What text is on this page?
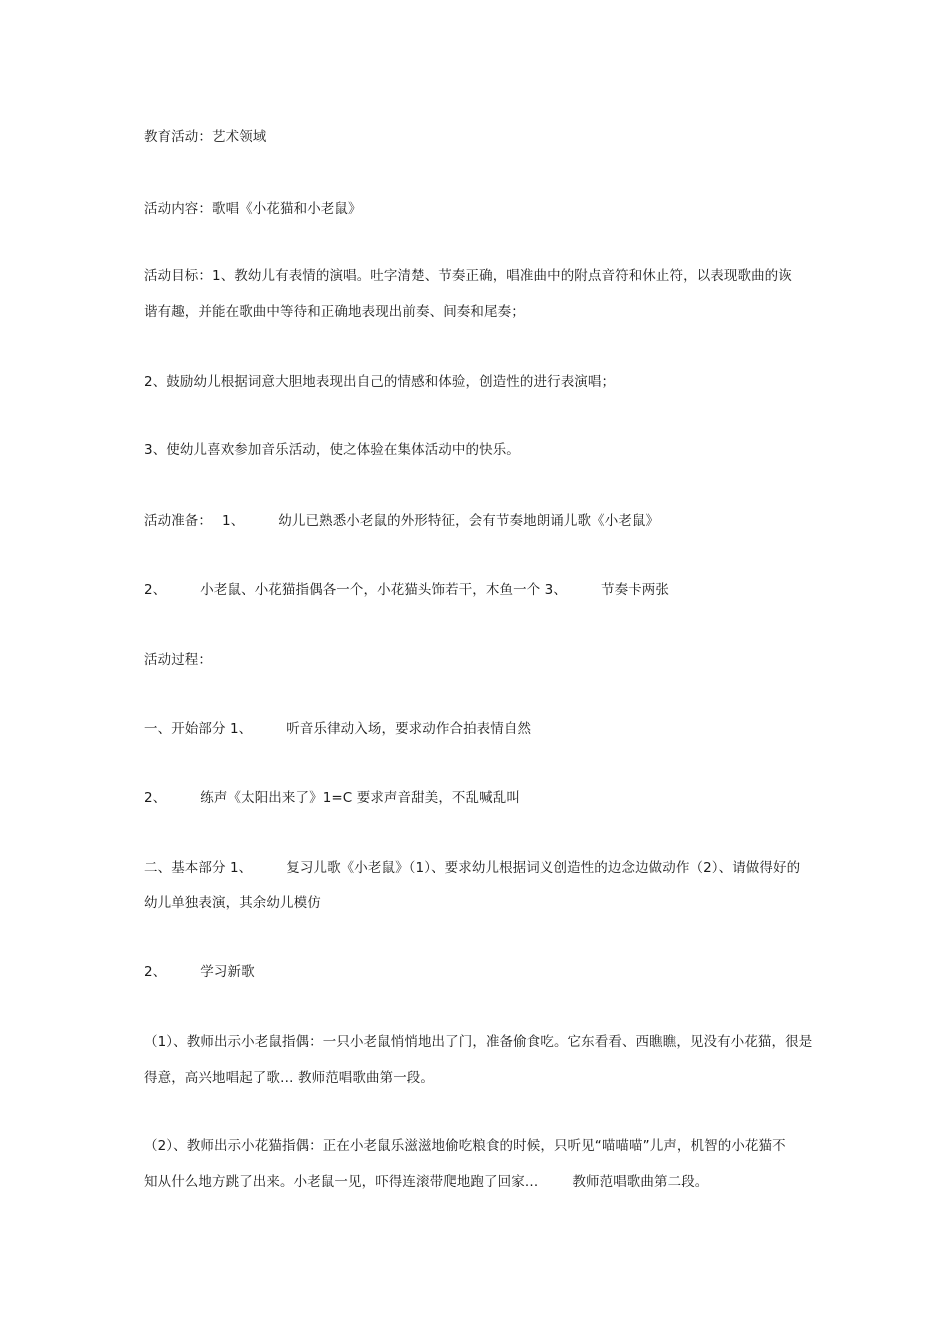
教育活动：艺术领域
活动内容：歌唱《小花猫和小老鼠》
活动目标：1、教幼儿有表情的演唱。吐字清楚、节奏正确，唱准曲中的附点音符和休止符，以表现歌曲的诙
谐有趣，并能在歌曲中等待和正确地表现出前奏、间奏和尾奏；
2、鼓励幼儿根据词意大胆地表现出自己的情感和体验，创造性的进行表演唱；
3、使幼儿喜欢参加音乐活动，使之体验在集体活动中的快乐。
活动准备： 1、	幼儿已熟悉小老鼠的外形特征，会有节奏地朗诵儿歌《小老鼠》
2、	小老鼠、小花猫指偶各一个，小花猫头饰若干，木鱼一个 3、	节奏卡两张
活动过程：
一、开始部分 1、	听音乐律动入场，要求动作合拍表情自然
2、	练声《太阳出来了》1=C 要求声音甜美，不乱喊乱叫
二、基本部分 1、	复习儿歌《小老鼠》（1）、要求幼儿根据词义创造性的边念边做动作（2）、请做得好的
幼儿单独表演，其余幼儿模仿
2、	学习新歌
（1）、教师出示小老鼠指偶：一只小老鼠悄悄地出了门，准备偷食吃。它东看看、西瞧瞧，见没有小花猫，很是
得意，高兴地唱起了歌… 教师范唱歌曲第一段。
（2）、教师出示小花猫指偶：正在小老鼠乐滋滋地偷吃粮食的时候，只听见“喵喵喵”儿声，机智的小花猫不
知从什么地方跳了出来。小老鼠一见，吓得连滚带爬地跑了回家…	教师范唱歌曲第二段。
